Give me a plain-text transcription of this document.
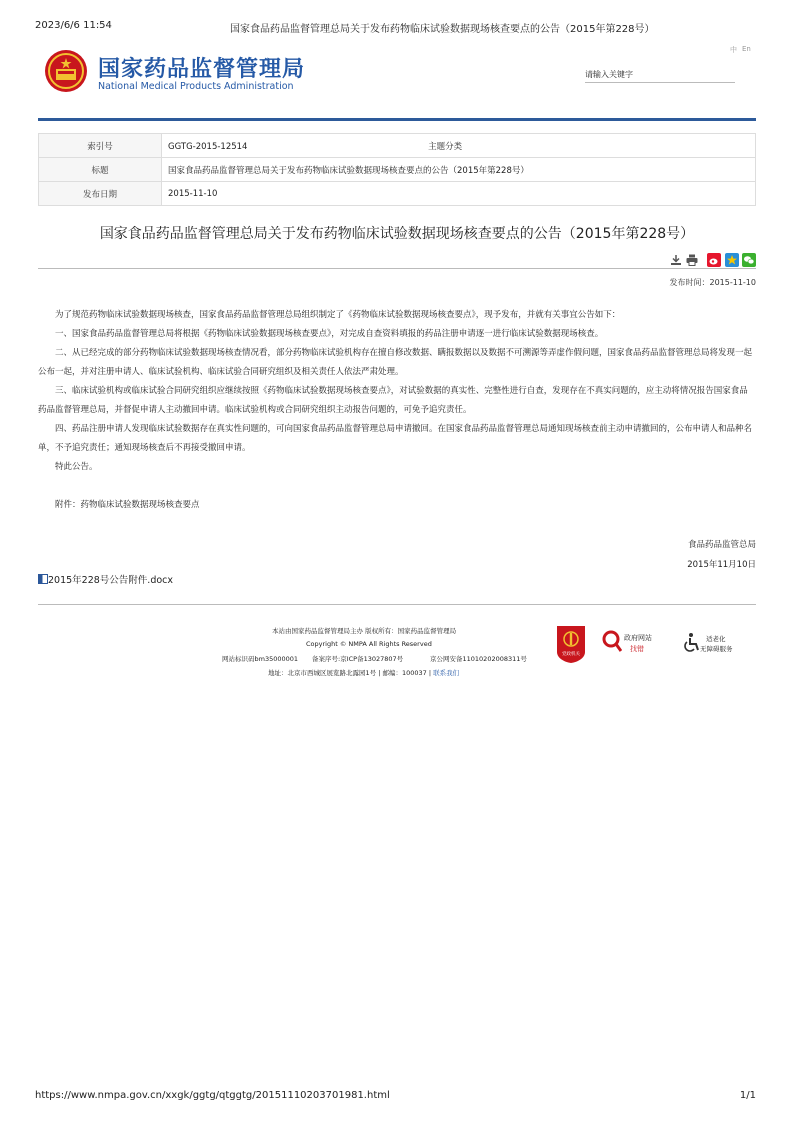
2023/6/6 11:54	国家食品药品监督管理总局关于发布药物临床试验数据现场核查要点的公告（2015年第228号）
国家药品监督管理局
National Medical Products Administration
中 En
请输入关键字
索引号	GGTG-2015-12514 主题分类
标题	国家食品药品监督管理总局关于发布药物临床试验数据现场核查要点的公告（2015年第228号）
发布日期	2015-11-10
国家食品药品监督管理总局关于发布药物临床试验数据现场核查要点的公告（2015年第228号）
发布时间：2015-11-10

为了规范药物临床试验数据现场核查，国家食品药品监督管理总局组织制定了《药物临床试验数据现场核查要点》，现予发布，并就有关事宜公告如下：

一、国家食品药品监督管理总局将根据《药物临床试验数据现场核查要点》，对完成自查资料填报的药品注册申请逐一进行临床试验数据现场核查。

二、从已经完成的部分药物临床试验数据现场核查情况看，部分药物临床试验机构存在擅自修改数据、瞒报数据以及数据不可溯源等弄虚作假问题，国家食品药品监督管理总局将发现一起公布一起，并对注册申请人、临床试验机构、临床试验合同研究组织及相关责任人依法严肃处理。

三、临床试验机构或临床试验合同研究组织应继续按照《药物临床试验数据现场核查要点》，对试验数据的真实性、完整性进行自查，发现存在不真实问题的，应主动将情况报告国家食品药品监督管理总局，并督促申请人主动撤回申请。临床试验机构或合同研究组织主动报告问题的，可免予追究责任。

四、药品注册申请人发现临床试验数据存在真实性问题的，可向国家食品药品监督管理总局申请撤回。在国家食品药品监督管理总局通知现场核查前主动申请撤回的，公布申请人和品种名单，不予追究责任；通知现场核查后不再接受撤回申请。

特此公告。

附件：药物临床试验数据现场核查要点

食品药品监管总局
2015年11月10日
2015年228号公告附件.docx
本站由国家药品监督管理局主办 版权所有：国家药品监督管理局
Copyright © NMPA All Rights Reserved
网站标识码bm35000001 备案序号:京ICP备13027807号	京公网安备11010202008311号
地址：北京市西城区展览路北露园1号 | 邮编：100037 | 联系我们
党政机关
政府网站
找错
适老化
无障碍服务
https://www.nmpa.gov.cn/xxgk/ggtg/qtggtg/20151110203701981.html	1/1
